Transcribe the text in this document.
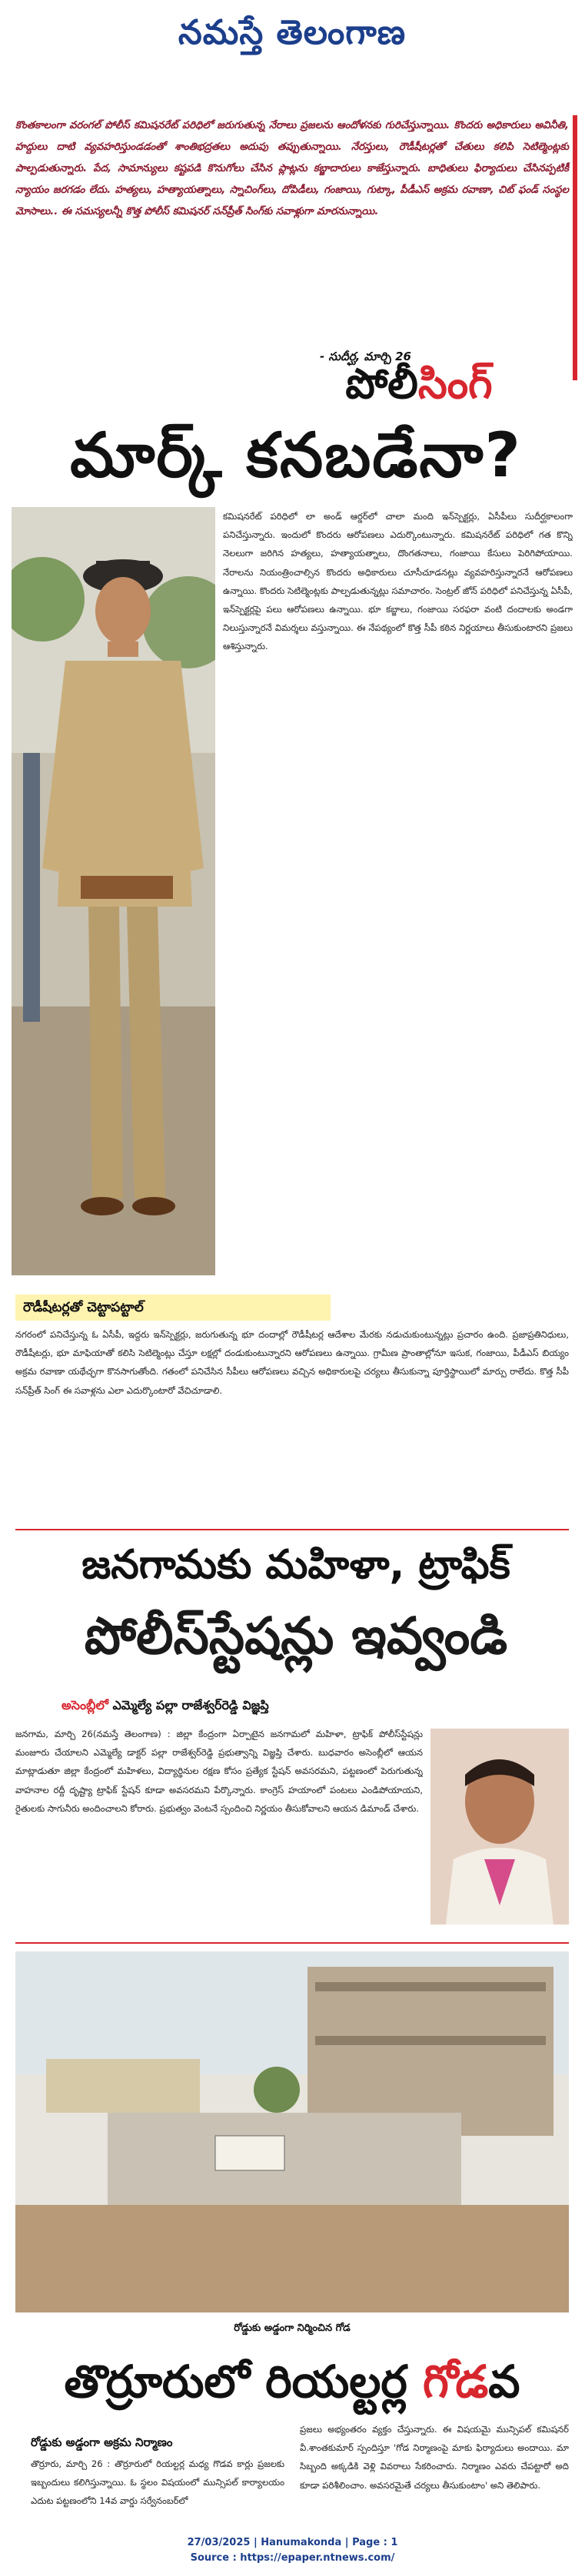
నమస్తే తెలంగాణ
కొంతకాలంగా వరంగల్ పోలీస్ కమిషనరేట్ పరిధిలో జరుగుతున్న నేరాలు ప్రజలను ఆందోళనకు గురిచేస్తున్నాయి. కొందరు అధికారులు అవినీతి, హద్దులు దాటి వ్యవహరిస్తుండడంతో శాంతిభద్రతలు అదుపు తప్పుతున్నాయి. నేరస్తులు, రౌడీషీటర్లతో చేతులు కలిపి సెటిల్మెంట్లకు పాల్పడుతున్నారు. పేద, సామాన్యులు కష్టపడి కొనుగోలు చేసిన ప్లాట్లను కబ్జాదారులు కాజేస్తున్నారు. బాధితులు ఫిర్యాదులు చేసినప్పటికీ న్యాయం జరగడం లేదు. హత్యలు, హత్యాయత్నాలు, స్నాచింగ్‌లు, దోపిడీలు, గంజాయి, గుట్కా, పీడీఎస్ అక్రమ రవాణా, చిట్ ఫండ్ సంస్థల మోసాలు.. ఈ సమస్యలన్నీ కొత్త పోలీస్ కమిషనర్ సన్‌ప్రీత్ సింగ్‌కు సవాళ్లుగా మారనున్నాయి.
- సుదీర్ఘ, మార్చి 26
పోలీసింగ్
మార్క్ కనబడేనా?
కమిషనరేట్ పరిధిలో లా అండ్ ఆర్డర్‌లో చాలా మంది ఇన్‌స్పెక్టర్లు, ఏసీపీలు సుదీర్ఘకాలంగా పనిచేస్తున్నారు. ఇందులో కొందరు ఆరోపణలు ఎదుర్కొంటున్నారు. కమిషనరేట్ పరిధిలో గత కొన్ని నెలలుగా జరిగిన హత్యలు, హత్యాయత్నాలు, దొంగతనాలు, గంజాయి కేసులు పెరిగిపోయాయి. నేరాలను నియంత్రించాల్సిన కొందరు అధికారులు చూసీచూడనట్లు వ్యవహరిస్తున్నారనే ఆరోపణలు ఉన్నాయి. కొందరు సెటిల్మెంట్లకు పాల్పడుతున్నట్లు సమాచారం. సెంట్రల్ జోన్ పరిధిలో పనిచేస్తున్న ఏసీపీ, ఇన్‌స్పెక్టర్లపై పలు ఆరోపణలు ఉన్నాయి. భూ కబ్జాలు, గంజాయి సరఫరా వంటి దందాలకు అండగా నిలుస్తున్నారనే విమర్శలు వస్తున్నాయి. ఈ నేపథ్యంలో కొత్త సీపీ కఠిన నిర్ణయాలు తీసుకుంటారని ప్రజలు ఆశిస్తున్నారు.
రౌడీషీటర్లతో చెట్టాపట్టాల్
నగరంలో పనిచేస్తున్న ఓ ఏసీపీ, ఇద్దరు ఇన్‌స్పెక్టర్లు, జరుగుతున్న భూ దందాల్లో రౌడీషీటర్ల ఆదేశాల మేరకు నడుచుకుంటున్నట్లు ప్రచారం ఉంది. ప్రజాప్రతినిధులు, రౌడీషీటర్లు, భూ మాఫియాతో కలిసి సెటిల్మెంట్లు చేస్తూ లక్షల్లో దండుకుంటున్నారని ఆరోపణలు ఉన్నాయి. గ్రామీణ ప్రాంతాల్లోనూ ఇసుక, గంజాయి, పీడీఎస్ బియ్యం అక్రమ రవాణా యథేచ్ఛగా కొనసాగుతోంది. గతంలో పనిచేసిన సీపీలు ఆరోపణలు వచ్చిన అధికారులపై చర్యలు తీసుకున్నా పూర్తిస్థాయిలో మార్పు రాలేదు. కొత్త సీపీ సన్‌ప్రీత్ సింగ్ ఈ సవాళ్లను ఎలా ఎదుర్కొంటారో వేచిచూడాలి.
జనగామకు మహిళా, ట్రాఫిక్
పోలీస్‌స్టేషన్లు ఇవ్వండి
అసెంబ్లీలో ఎమ్మెల్యే పల్లా రాజేశ్వర్‌రెడ్డి విజ్ఞప్తి
జనగామ, మార్చి 26(నమస్తే తెలంగాణ) : జిల్లా కేంద్రంగా ఏర్పాటైన జనగామలో మహిళా, ట్రాఫిక్ పోలీస్‌స్టేషన్లు మంజూరు చేయాలని ఎమ్మెల్యే డాక్టర్ పల్లా రాజేశ్వర్‌రెడ్డి ప్రభుత్వాన్ని విజ్ఞప్తి చేశారు. బుధవారం అసెంబ్లీలో ఆయన మాట్లాడుతూ జిల్లా కేంద్రంలో మహిళలు, విద్యార్థినుల రక్షణ కోసం ప్రత్యేక స్టేషన్ అవసరమని, పట్టణంలో పెరుగుతున్న వాహనాల రద్దీ దృష్ట్యా ట్రాఫిక్ స్టేషన్ కూడా అవసరమని పేర్కొన్నారు. కాంగ్రెస్ హయాంలో పంటలు ఎండిపోయాయని, రైతులకు సాగునీరు అందించాలని కోరారు. ప్రభుత్వం వెంటనే స్పందించి నిర్ణయం తీసుకోవాలని ఆయన డిమాండ్ చేశారు.
రోడ్డుకు అడ్డంగా నిర్మించిన గోడ
తొర్రూరులో రియల్టర్ల గోడవ
రోడ్డుకు అడ్డంగా అక్రమ నిర్మాణం
తొర్రూరు, మార్చి 26 : తొర్రూరులో రియల్టర్ల మధ్య గొడవ కార్లు ప్రజలకు ఇబ్బందులు కలిగిస్తున్నాయి. ఓ స్థలం విషయంలో మున్సిపల్ కార్యాలయం ఎదుట పట్టణంలోని 14వ వార్డు సర్వేనంబర్‌లో
ప్రజలు అభ్యంతరం వ్యక్తం చేస్తున్నారు. ఈ విషయమై మున్సిపల్ కమిషనర్ వీ.శాంతకుమార్ స్పందిస్తూ 'గోడ నిర్మాణంపై మాకు ఫిర్యాదులు అందాయి. మా సిబ్బంది అక్కడికి వెళ్లి వివరాలు సేకరించారు. నిర్మాణం ఎవరు చేపట్టారో అది కూడా పరిశీలించాం. అవసరమైతే చర్యలు తీసుకుంటాం' అని తెలిపారు.
27/03/2025 | Hanumakonda | Page : 1
Source : https://epaper.ntnews.com/
